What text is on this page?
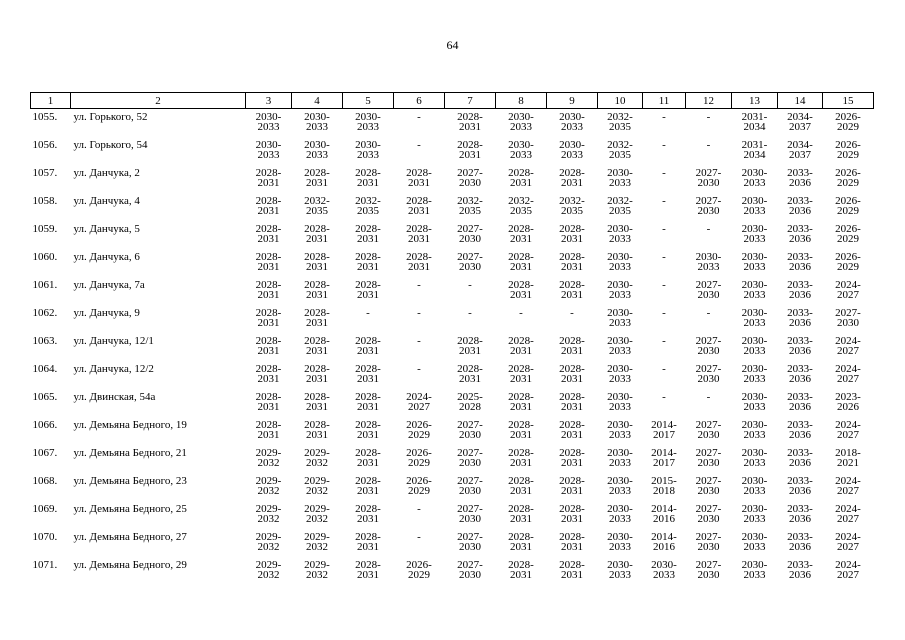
64
1	2	3	4	5	6	7	8	9	10	11	12	13	14	15
1055.	ул. Горького, 52	2030-
2033	2030-
2033	2030-
2033	-	2028-
2031	2030-
2033	2030-
2033	2032-
2035	-	-	2031-
2034	2034-
2037	2026-
2029

1056.	ул. Горького, 54	2030-
2033	2030-
2033	2030-
2033	-	2028-
2031	2030-
2033	2030-
2033	2032-
2035	-	-	2031-
2034	2034-
2037	2026-
2029

1057.	ул. Данчука, 2	2028-
2031	2028-
2031	2028-
2031	2028-
2031	2027-
2030	2028-
2031	2028-
2031	2030-
2033	-	2027-
2030	2030-
2033	2033-
2036	2026-
2029

1058.	ул. Данчука, 4	2028-
2031	2032-
2035	2032-
2035	2028-
2031	2032-
2035	2032-
2035	2032-
2035	2032-
2035	-	2027-
2030	2030-
2033	2033-
2036	2026-
2029

1059.	ул. Данчука, 5	2028-
2031	2028-
2031	2028-
2031	2028-
2031	2027-
2030	2028-
2031	2028-
2031	2030-
2033	-	-	2030-
2033	2033-
2036	2026-
2029

1060.	ул. Данчука, 6	2028-
2031	2028-
2031	2028-
2031	2028-
2031	2027-
2030	2028-
2031	2028-
2031	2030-
2033	-	2030-
2033	2030-
2033	2033-
2036	2026-
2029

1061.	ул. Данчука, 7а	2028-
2031	2028-
2031	2028-
2031	-	-	2028-
2031	2028-
2031	2030-
2033	-	2027-
2030	2030-
2033	2033-
2036	2024-
2027

1062.	ул. Данчука, 9	2028-
2031	2028-
2031	-	-	-	-	-	2030-
2033	-	-	2030-
2033	2033-
2036	2027-
2030

1063.	ул. Данчука, 12/1	2028-
2031	2028-
2031	2028-
2031	-	2028-
2031	2028-
2031	2028-
2031	2030-
2033	-	2027-
2030	2030-
2033	2033-
2036	2024-
2027

1064.	ул. Данчука, 12/2	2028-
2031	2028-
2031	2028-
2031	-	2028-
2031	2028-
2031	2028-
2031	2030-
2033	-	2027-
2030	2030-
2033	2033-
2036	2024-
2027

1065.	ул. Двинская, 54а	2028-
2031	2028-
2031	2028-
2031	2024-
2027	2025-
2028	2028-
2031	2028-
2031	2030-
2033	-	-	2030-
2033	2033-
2036	2023-
2026

1066.	ул. Демьяна Бедного, 19	2028-
2031	2028-
2031	2028-
2031	2026-
2029	2027-
2030	2028-
2031	2028-
2031	2030-
2033	2014-
2017	2027-
2030	2030-
2033	2033-
2036	2024-
2027

1067.	ул. Демьяна Бедного, 21	2029-
2032	2029-
2032	2028-
2031	2026-
2029	2027-
2030	2028-
2031	2028-
2031	2030-
2033	2014-
2017	2027-
2030	2030-
2033	2033-
2036	2018-
2021

1068.	ул. Демьяна Бедного, 23	2029-
2032	2029-
2032	2028-
2031	2026-
2029	2027-
2030	2028-
2031	2028-
2031	2030-
2033	2015-
2018	2027-
2030	2030-
2033	2033-
2036	2024-
2027

1069.	ул. Демьяна Бедного, 25	2029-
2032	2029-
2032	2028-
2031	-	2027-
2030	2028-
2031	2028-
2031	2030-
2033	2014-
2016	2027-
2030	2030-
2033	2033-
2036	2024-
2027

1070.	ул. Демьяна Бедного, 27	2029-
2032	2029-
2032	2028-
2031	-	2027-
2030	2028-
2031	2028-
2031	2030-
2033	2014-
2016	2027-
2030	2030-
2033	2033-
2036	2024-
2027

1071.	ул. Демьяна Бедного, 29	2029-
2032	2029-
2032	2028-
2031	2026-
2029	2027-
2030	2028-
2031	2028-
2031	2030-
2033	2030-
2033	2027-
2030	2030-
2033	2033-
2036	2024-
2027
